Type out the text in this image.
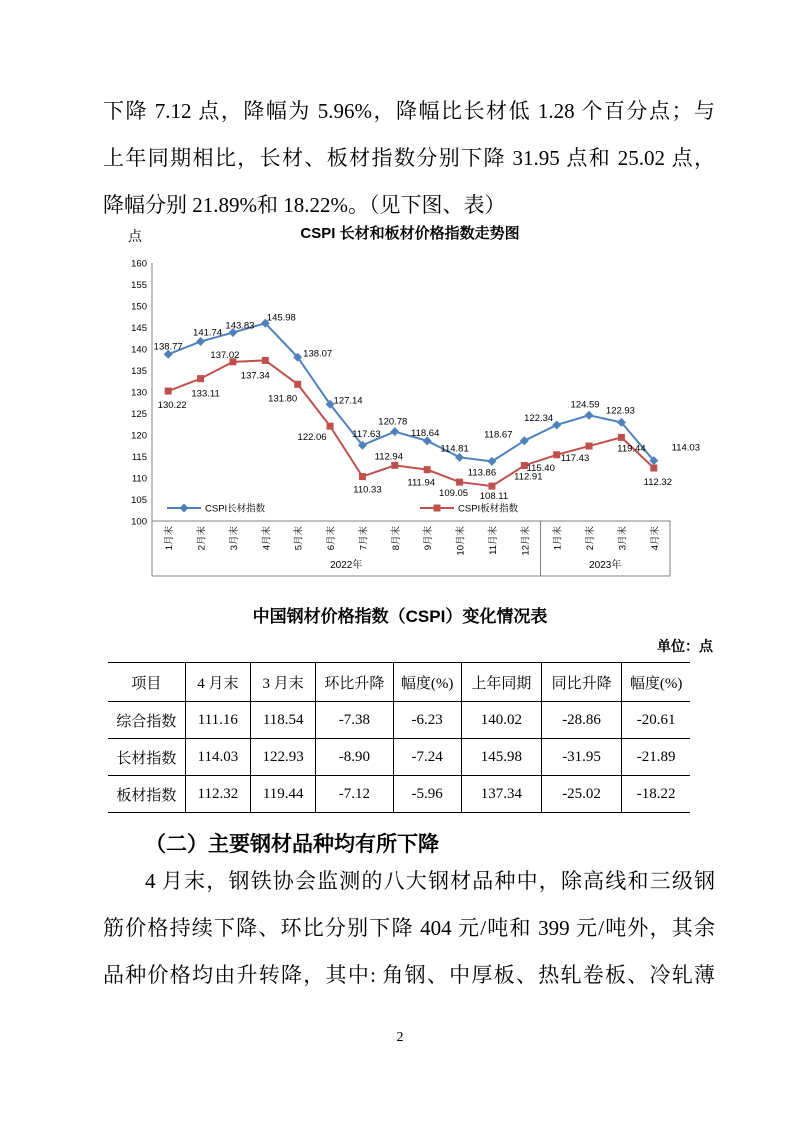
下降 7.12 点，降幅为 5.96%，降幅比长材低 1.28 个百分点；与
上年同期相比，长材、板材指数分别下降 31.95 点和 25.02 点，
降幅分别 21.89%和 18.22%。（见下图、表）
点	CSPI 长材和板材价格指数走势图
100
105
110
115
120
125
130
135
140
145
150
155
160
1月末 2月末 3月末 4月末 5月末 6月末 7月末 8月末 9月末 10月末 11月末 12月末 1月末 2月末 3月末 4月末
2022年	2023年
138.77
141.74
143.83
145.98
138.07
127.14
117.63
120.78
118.64
114.81
113.86
118.67
122.34
124.59
122.93
114.03
130.22
133.11
137.02
137.34
131.80
122.06
110.33
112.94
111.94
109.05 108.11
112.91
115.40
117.43
119.44
112.32
CSPI长材指数	CSPI板材指数
中国钢材价格指数（CSPI）变化情况表
单位：点
项目	4 月末	3 月末	环比升降	幅度(%)	上年同期	同比升降	幅度(%)
综合指数	111.16	118.54	-7.38	-6.23	140.02	-28.86	-20.61
长材指数	114.03	122.93	-8.90	-7.24	145.98	-31.95	-21.89
板材指数	112.32	119.44	-7.12	-5.96	137.34	-25.02	-18.22
（二）主要钢材品种均有所下降
4 月末，钢铁协会监测的八大钢材品种中，除高线和三级钢
筋价格持续下降、环比分别下降 404 元/吨和 399 元/吨外，其余
品种价格均由升转降，其中: 角钢、中厚板、热轧卷板、冷轧薄
2
